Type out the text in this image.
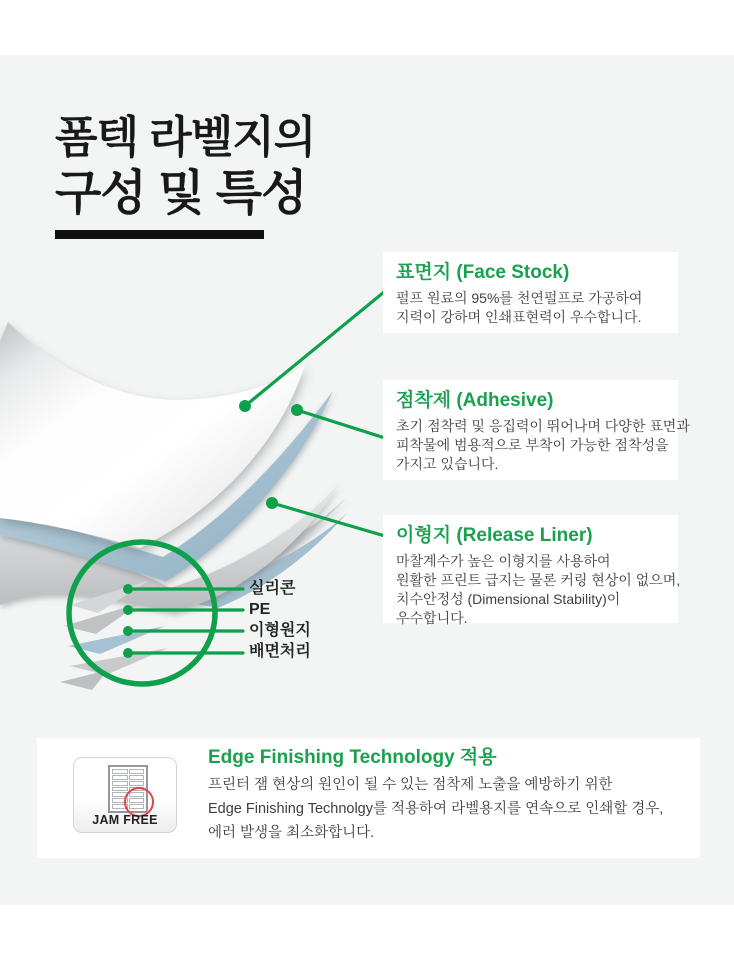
폼텍 라벨지의
구성 및 특성
실리콘
PE
이형원지
배면처리
표면지 (Face Stock)
펄프 원료의 95%를 천연펄프로 가공하여
지력이 강하며 인쇄표현력이 우수합니다.
점착제 (Adhesive)
초기 점착력 및 응집력이 뛰어나며 다양한 표면과
피착물에 범용적으로 부착이 가능한 점착성을
가지고 있습니다.
이형지 (Release Liner)
마찰계수가 높은 이형지를 사용하여
원활한 프린트 급지는 물론 커링 현상이 없으며,
치수안정성 (Dimensional Stability)이
우수합니다.
JAM FREE
Edge Finishing Technology 적용
프린터 잼 현상의 원인이 될 수 있는 점착제 노출을 예방하기 위한
Edge Finishing Technolgy를 적용하여 라벨용지를 연속으로 인쇄할 경우,
에러 발생을 최소화합니다.
